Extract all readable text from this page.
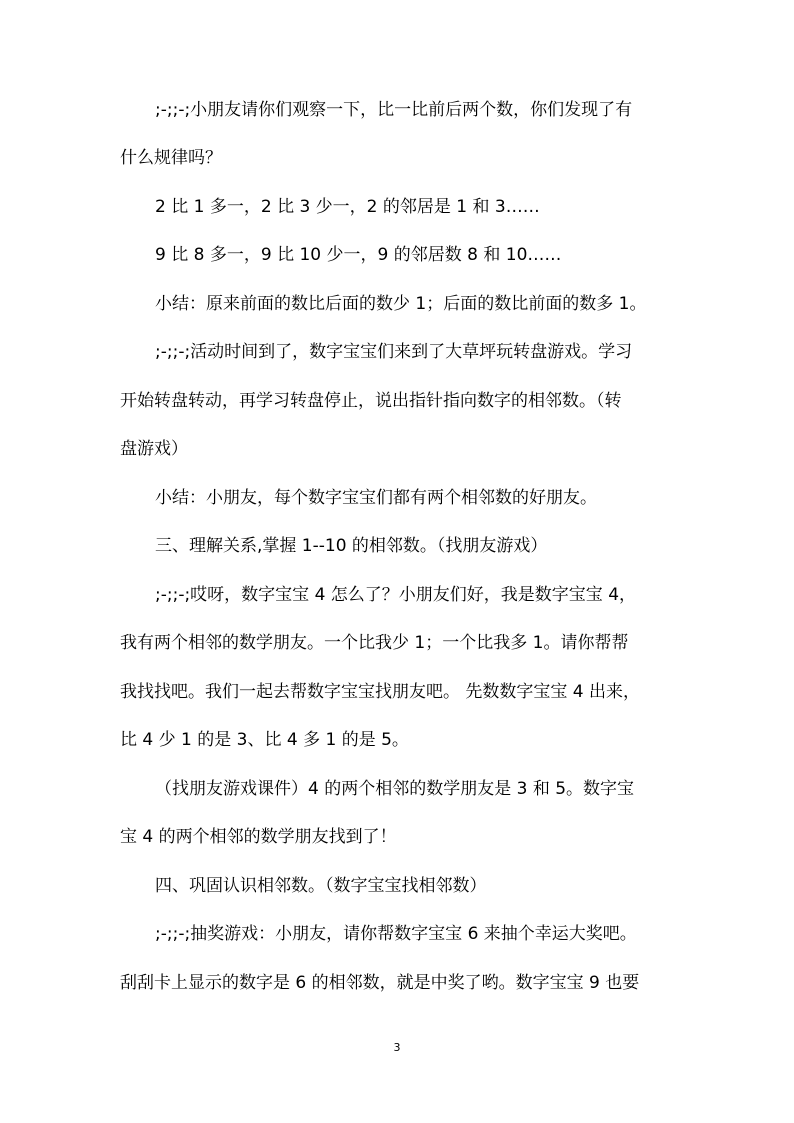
;-;;-;小朋友请你们观察一下，比一比前后两个数，你们发现了有
什么规律吗？
2 比 1 多一，2 比 3 少一，2 的邻居是 1 和 3……
9 比 8 多一，9 比 10 少一，9 的邻居数 8 和 10……
小结：原来前面的数比后面的数少 1；后面的数比前面的数多 1。
;-;;-;活动时间到了，数字宝宝们来到了大草坪玩转盘游戏。学习
开始转盘转动，再学习转盘停止，说出指针指向数字的相邻数。（转
盘游戏）
小结：小朋友，每个数字宝宝们都有两个相邻数的好朋友。
三、理解关系,掌握 1--10 的相邻数。（找朋友游戏）
;-;;-;哎呀，数字宝宝 4 怎么了？小朋友们好，我是数字宝宝 4，
我有两个相邻的数学朋友。一个比我少 1；一个比我多 1。请你帮帮
我找找吧。我们一起去帮数字宝宝找朋友吧。 先数数字宝宝 4 出来，
比 4 少 1 的是 3、比 4 多 1 的是 5。
（找朋友游戏课件）4 的两个相邻的数学朋友是 3 和 5。数字宝
宝 4 的两个相邻的数学朋友找到了！
四、巩固认识相邻数。（数字宝宝找相邻数）
;-;;-;抽奖游戏：小朋友，请你帮数字宝宝 6 来抽个幸运大奖吧。
刮刮卡上显示的数字是 6 的相邻数，就是中奖了哟。数字宝宝 9 也要
3
